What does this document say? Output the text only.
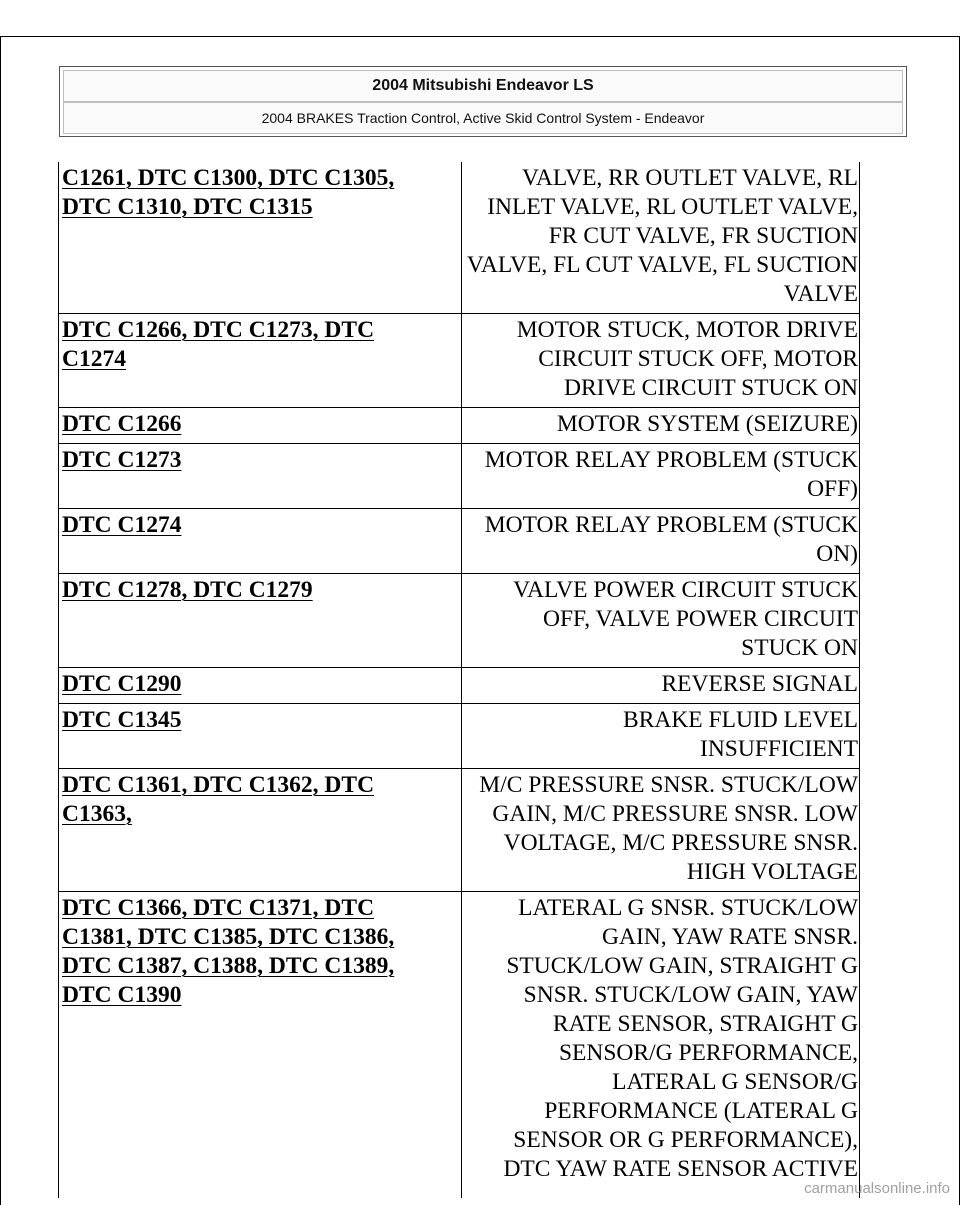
2004 Mitsubishi Endeavor LS
2004 BRAKES Traction Control, Active Skid Control System - Endeavor
C1261, DTC C1300, DTC C1305, DTC C1310, DTC C1315	VALVE, RR OUTLET VALVE, RL INLET VALVE, RL OUTLET VALVE, FR CUT VALVE, FR SUCTION VALVE, FL CUT VALVE, FL SUCTION VALVE

DTC C1266, DTC C1273, DTC C1274	MOTOR STUCK, MOTOR DRIVE CIRCUIT STUCK OFF, MOTOR DRIVE CIRCUIT STUCK ON

DTC C1266	MOTOR SYSTEM (SEIZURE)

DTC C1273	MOTOR RELAY PROBLEM (STUCK OFF)

DTC C1274	MOTOR RELAY PROBLEM (STUCK ON)

DTC C1278, DTC C1279	VALVE POWER CIRCUIT STUCK OFF, VALVE POWER CIRCUIT STUCK ON

DTC C1290	REVERSE SIGNAL

DTC C1345	BRAKE FLUID LEVEL INSUFFICIENT

DTC C1361, DTC C1362, DTC C1363,	M/C PRESSURE SNSR. STUCK/LOW GAIN, M/C PRESSURE SNSR. LOW VOLTAGE, M/C PRESSURE SNSR. HIGH VOLTAGE

DTC C1366, DTC C1371, DTC C1381, DTC C1385, DTC C1386, DTC C1387, C1388, DTC C1389, DTC C1390	LATERAL G SNSR. STUCK/LOW GAIN, YAW RATE SNSR. STUCK/LOW GAIN, STRAIGHT G SNSR. STUCK/LOW GAIN, YAW RATE SENSOR, STRAIGHT G SENSOR/G PERFORMANCE, LATERAL G SENSOR/G PERFORMANCE (LATERAL G SENSOR OR G PERFORMANCE), DTC YAW RATE SENSOR ACTIVE
carmanualsonline.info
